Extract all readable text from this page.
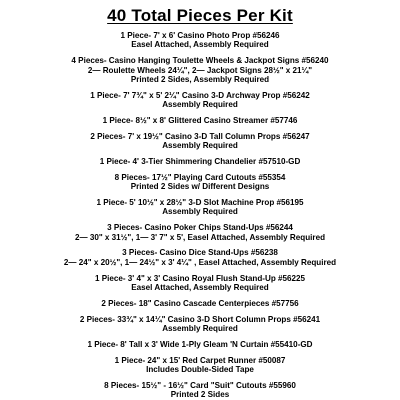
40 Total Pieces Per Kit
1 Piece- 7' x 6' Casino Photo Prop #56246
Easel Attached, Assembly Required
4 Pieces- Casino Hanging Toulette Wheels & Jackpot Signs #56240
2— Roulette Wheels 24¼", 2— Jackpot Signs 28½" x 21¼"
Printed 2 Sides, Assembly Required
1 Piece- 7' 7¾" x 5' 2¼" Casino 3-D Archway Prop #56242
Assembly Required
1 Piece- 8½" x 8' Glittered Casino Streamer #57746
2 Pieces- 7' x 19½" Casino 3-D Tall Column Props #56247
Assembly Required
1 Piece- 4' 3-Tier Shimmering Chandelier #57510-GD
8 Pieces- 17½" Playing Card Cutouts #55354
Printed 2 Sides w/ Different Designs
1 Piece- 5' 10½" x 28½" 3-D Slot Machine Prop #56195
Assembly Required
3 Pieces- Casino Poker Chips Stand-Ups #56244
2— 30" x 31½", 1— 3' 7" x 5', Easel Attached, Assembly Required
3 Pieces- Casino Dice Stand-Ups #56238
2— 24" x 20½", 1— 24½" x 3' 4¼" , Easel Attached, Assembly Required
1 Piece- 3' 4" x 3' Casino Royal Flush Stand-Up #56225
Easel Attached, Assembly Required
2 Pieces- 18" Casino Cascade Centerpieces #57756
2 Pieces- 33¾" x 14¼" Casino 3-D Short Column Props #56241
Assembly Required
1 Piece- 8' Tall x 3' Wide 1-Ply Gleam 'N Curtain #55410-GD
1 Piece- 24" x 15' Red Carpet Runner #50087
Includes Double-Sided Tape
8 Pieces- 15½" - 16½" Card "Suit" Cutouts #55960
Printed 2 Sides
